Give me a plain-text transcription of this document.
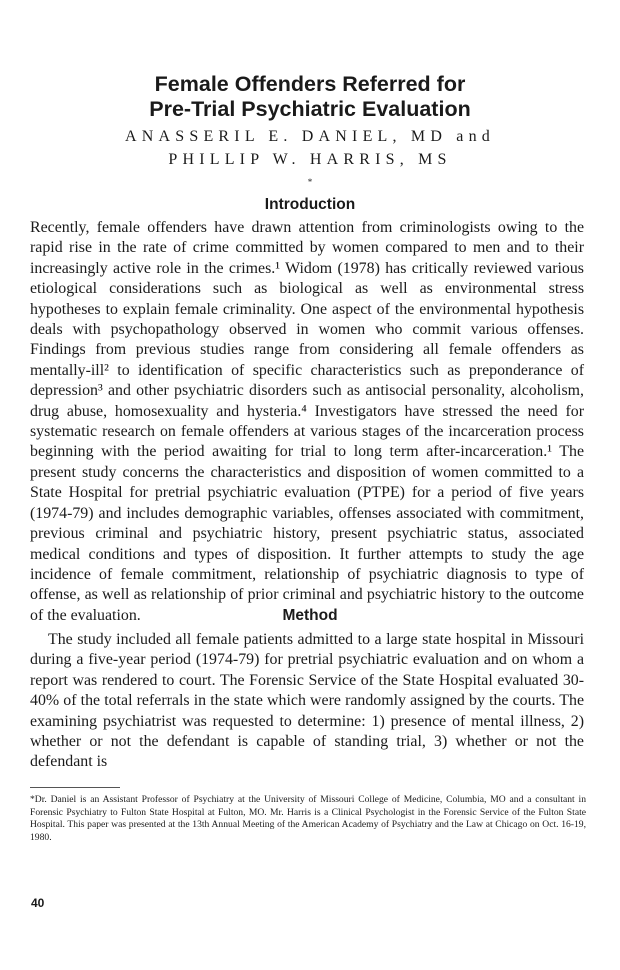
Female Offenders Referred for
Pre-Trial Psychiatric Evaluation
ANASSERIL E. DANIEL, MD and
PHILLIP W. HARRIS, MS
*
Introduction

Recently, female offenders have drawn attention from criminologists owing to the rapid rise in the rate of crime committed by women compared to men and to their increasingly active role in the crimes.¹ Widom (1978) has critically reviewed various etiological considerations such as biological as well as environmental stress hypotheses to explain female criminality. One aspect of the environmental hypothesis deals with psychopathology observed in women who commit various offenses. Findings from previous studies range from considering all female offenders as mentally-ill² to identification of specific characteristics such as preponderance of depression³ and other psychiatric disorders such as antisocial personality, alcoholism, drug abuse, homosexuality and hysteria.⁴ Investigators have stressed the need for systematic research on female offenders at various stages of the incarceration process beginning with the period awaiting for trial to long term after-incarceration.¹ The present study concerns the characteristics and disposition of women committed to a State Hospital for pretrial psychiatric evaluation (PTPE) for a period of five years (1974-79) and includes demographic variables, offenses associated with commitment, previous criminal and psychiatric history, present psychiatric status, associated medical conditions and types of disposition. It further attempts to study the age incidence of female commitment, relationship of psychiatric diagnosis to type of offense, as well as relationship of prior criminal and psychiatric history to the outcome of the evaluation.	Method

The study included all female patients admitted to a large state hospital in Missouri during a five-year period (1974-79) for pretrial psychiatric evaluation and on whom a report was rendered to court. The Forensic Service of the State Hospital evaluated 30-40% of the total referrals in the state which were randomly assigned by the courts. The examining psychiatrist was requested to determine: 1) presence of mental illness, 2) whether or not the defendant is capable of standing trial, 3) whether or not the defendant is

*Dr. Daniel is an Assistant Professor of Psychiatry at the University of Missouri College of Medicine, Columbia, MO and a consultant in Forensic Psychiatry to Fulton State Hospital at Fulton, MO. Mr. Harris is a Clinical Psychologist in the Forensic Service of the Fulton State Hospital. This paper was presented at the 13th Annual Meeting of the American Academy of Psychiatry and the Law at Chicago on Oct. 16-19, 1980.

40
